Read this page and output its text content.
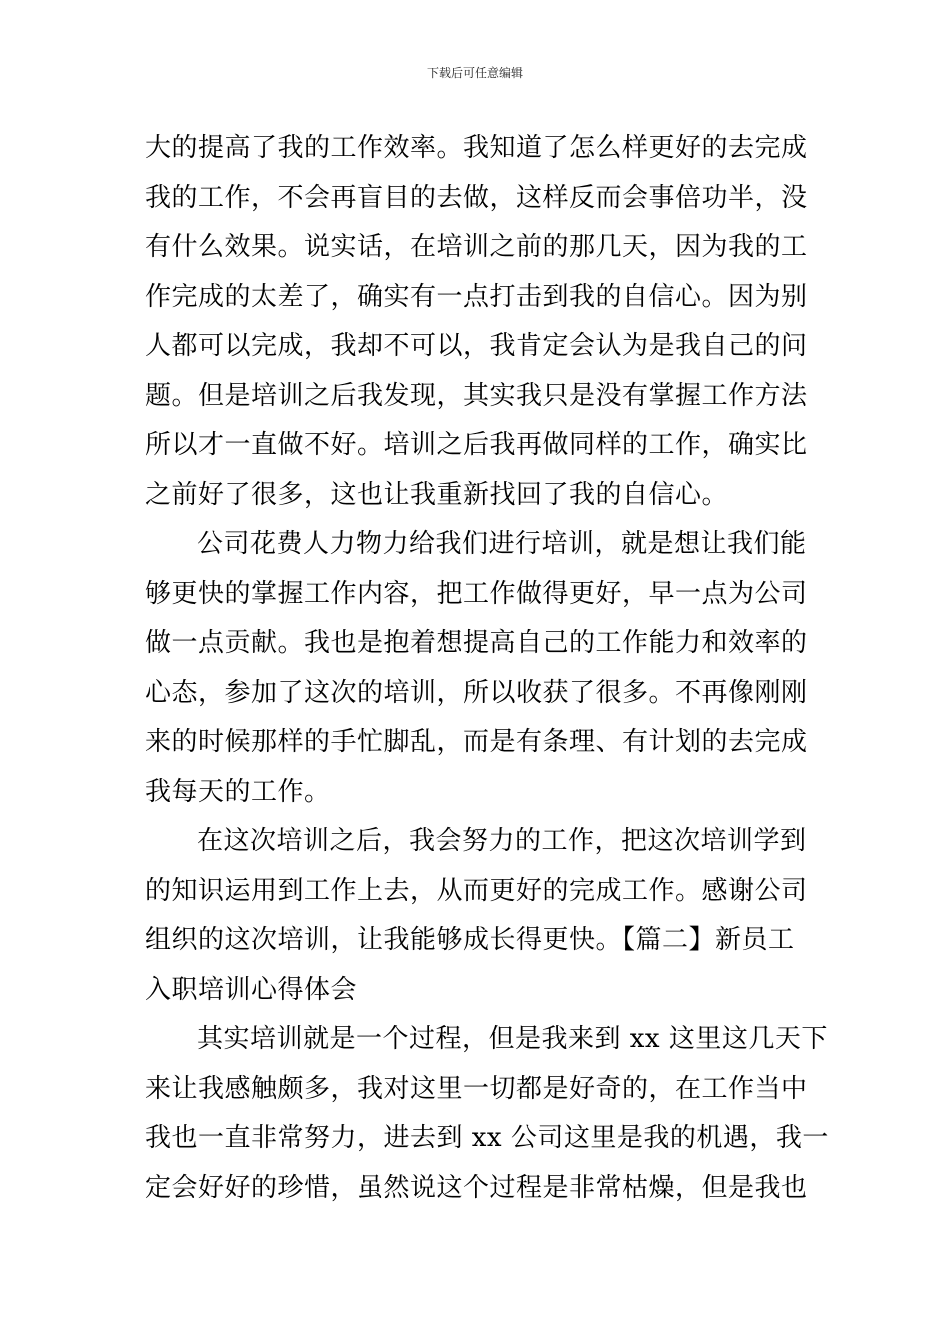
下载后可任意编辑
大的提高了我的工作效率。我知道了怎么样更好的去完成
我的工作，不会再盲目的去做，这样反而会事倍功半，没
有什么效果。说实话，在培训之前的那几天，因为我的工
作完成的太差了，确实有一点打击到我的自信心。因为别
人都可以完成，我却不可以，我肯定会认为是我自己的问
题。但是培训之后我发现，其实我只是没有掌握工作方法
所以才一直做不好。培训之后我再做同样的工作，确实比
之前好了很多，这也让我重新找回了我的自信心。
公司花费人力物力给我们进行培训，就是想让我们能
够更快的掌握工作内容，把工作做得更好，早一点为公司
做一点贡献。我也是抱着想提高自己的工作能力和效率的
心态，参加了这次的培训，所以收获了很多。不再像刚刚
来的时候那样的手忙脚乱，而是有条理、有计划的去完成
我每天的工作。
在这次培训之后，我会努力的工作，把这次培训学到
的知识运用到工作上去，从而更好的完成工作。感谢公司
组织的这次培训，让我能够成长得更快。【篇二】新员工
入职培训心得体会
其实培训就是一个过程，但是我来到 xx 这里这几天下
来让我感触颇多，我对这里一切都是好奇的，在工作当中
我也一直非常努力，进去到 xx 公司这里是我的机遇，我一
定会好好的珍惜，虽然说这个过程是非常枯燥，但是我也
